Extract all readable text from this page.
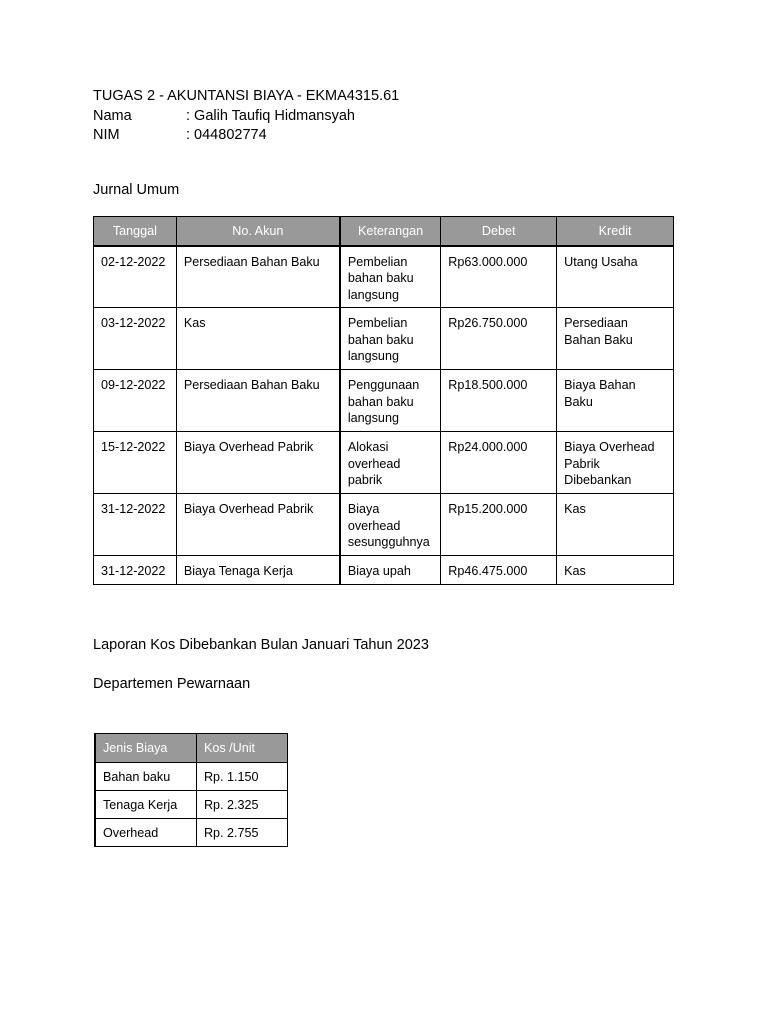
TUGAS 2 - AKUNTANSI BIAYA - EKMA4315.61
Nama	: Galih Taufiq Hidmansyah
NIM	: 044802774
Jurnal Umum
Tanggal	No. Akun	Keterangan	Debet	Kredit
02-12-2022	Persediaan Bahan Baku	Pembelian bahan baku langsung	Rp63.000.000	Utang Usaha
03-12-2022	Kas	Pembelian bahan baku langsung	Rp26.750.000	Persediaan Bahan Baku
09-12-2022	Persediaan Bahan Baku	Penggunaan bahan baku langsung	Rp18.500.000	Biaya Bahan Baku
15-12-2022	Biaya Overhead Pabrik	Alokasi overhead pabrik	Rp24.000.000	Biaya Overhead Pabrik Dibebankan
31-12-2022	Biaya Overhead Pabrik	Biaya overhead sesungguhnya	Rp15.200.000	Kas
31-12-2022	Biaya Tenaga Kerja	Biaya upah	Rp46.475.000	Kas
Laporan Kos Dibebankan Bulan Januari Tahun 2023
Departemen Pewarnaan
Jenis Biaya	Kos /Unit
Bahan baku	Rp. 1.150
Tenaga Kerja	Rp. 2.325
Overhead	Rp. 2.755
